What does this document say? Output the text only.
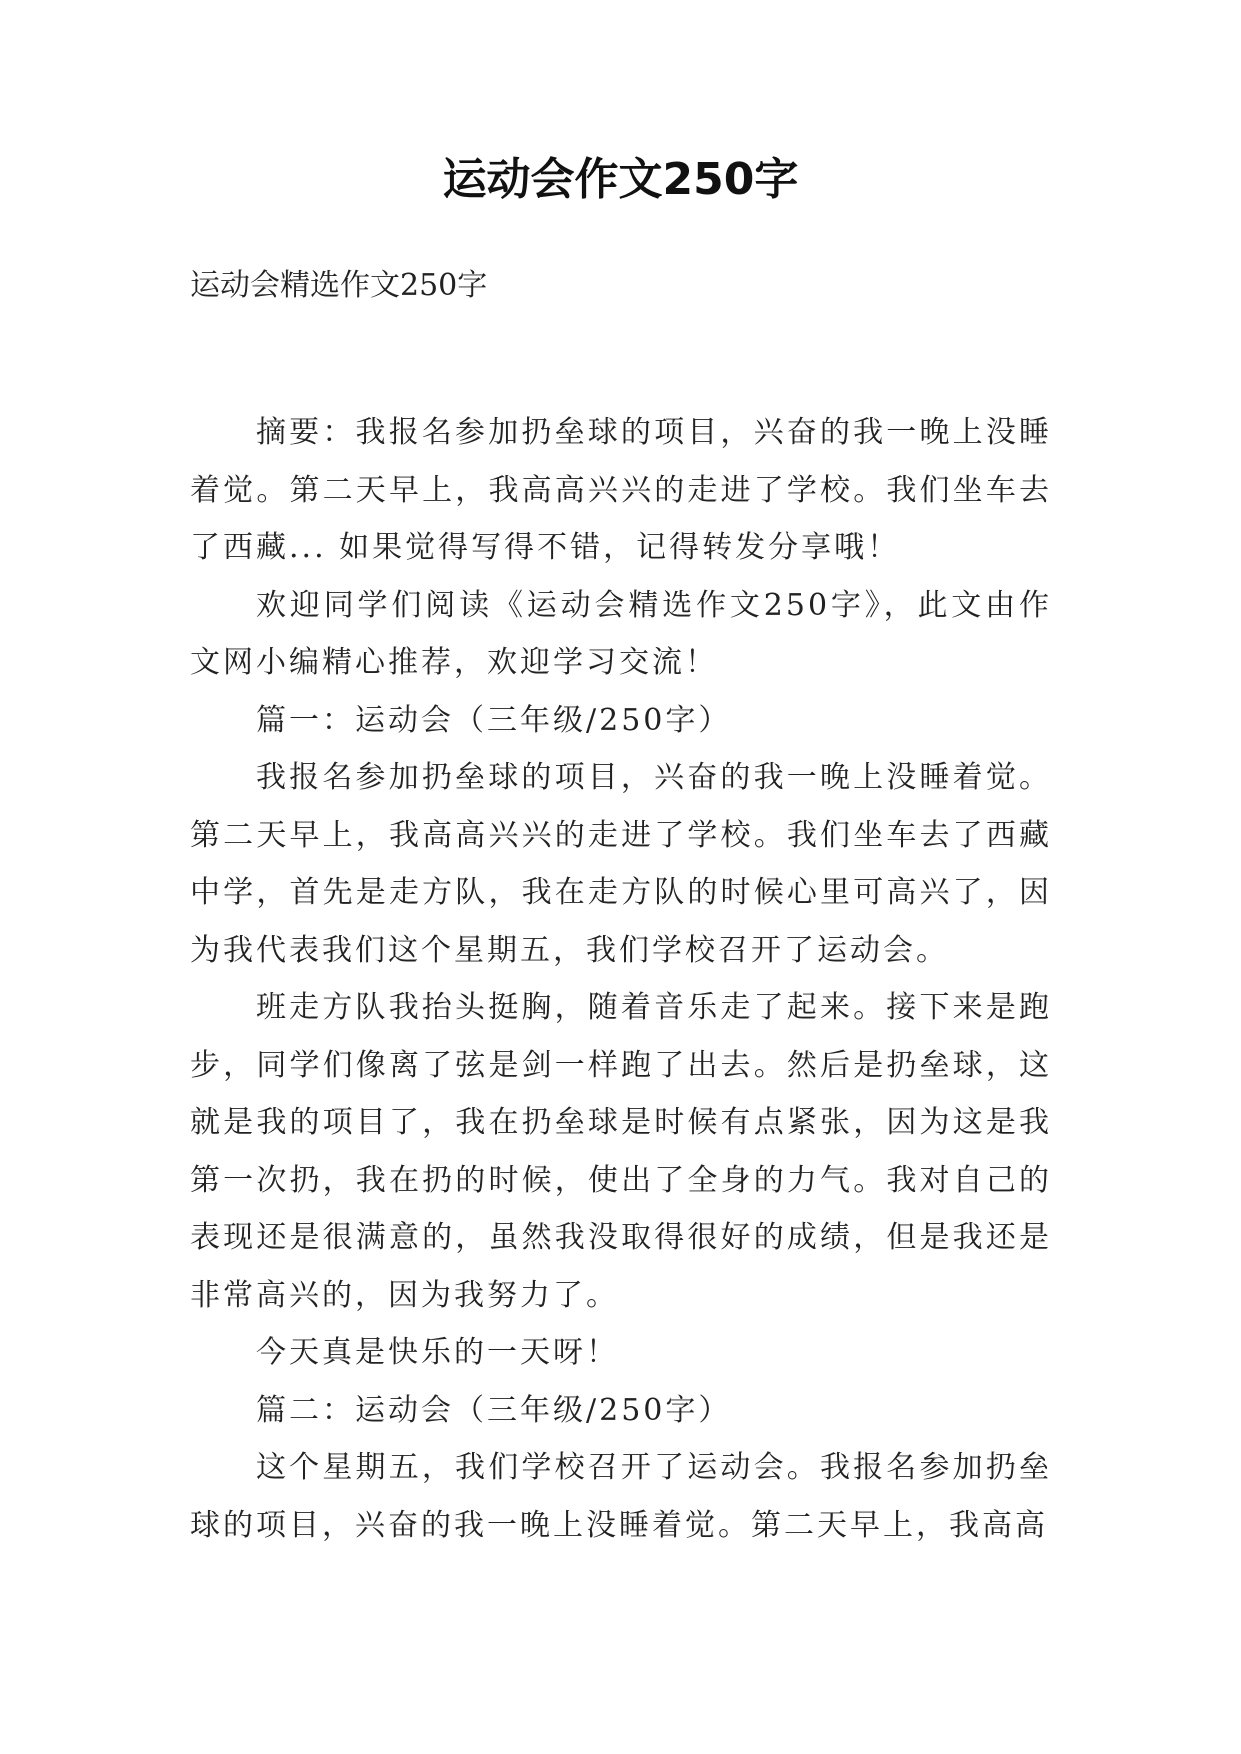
运动会作文250字
运动会精选作文250字

摘要：我报名参加扔垒球的项目，兴奋的我一晚上没睡着觉。第二天早上，我高高兴兴的走进了学校。我们坐车去了西藏... 如果觉得写得不错，记得转发分享哦！

欢迎同学们阅读《运动会精选作文250字》，此文由作文网小编精心推荐，欢迎学习交流！

篇一：运动会（三年级/250字）

我报名参加扔垒球的项目，兴奋的我一晚上没睡着觉。第二天早上，我高高兴兴的走进了学校。我们坐车去了西藏中学，首先是走方队，我在走方队的时候心里可高兴了，因为我代表我们这个星期五，我们学校召开了运动会。

班走方队我抬头挺胸，随着音乐走了起来。接下来是跑步，同学们像离了弦是剑一样跑了出去。然后是扔垒球，这就是我的项目了，我在扔垒球是时候有点紧张，因为这是我第一次扔，我在扔的时候，使出了全身的力气。我对自己的表现还是很满意的，虽然我没取得很好的成绩，但是我还是非常高兴的，因为我努力了。

今天真是快乐的一天呀！

篇二：运动会（三年级/250字）

这个星期五，我们学校召开了运动会。我报名参加扔垒球的项目，兴奋的我一晚上没睡着觉。第二天早上，我高高
